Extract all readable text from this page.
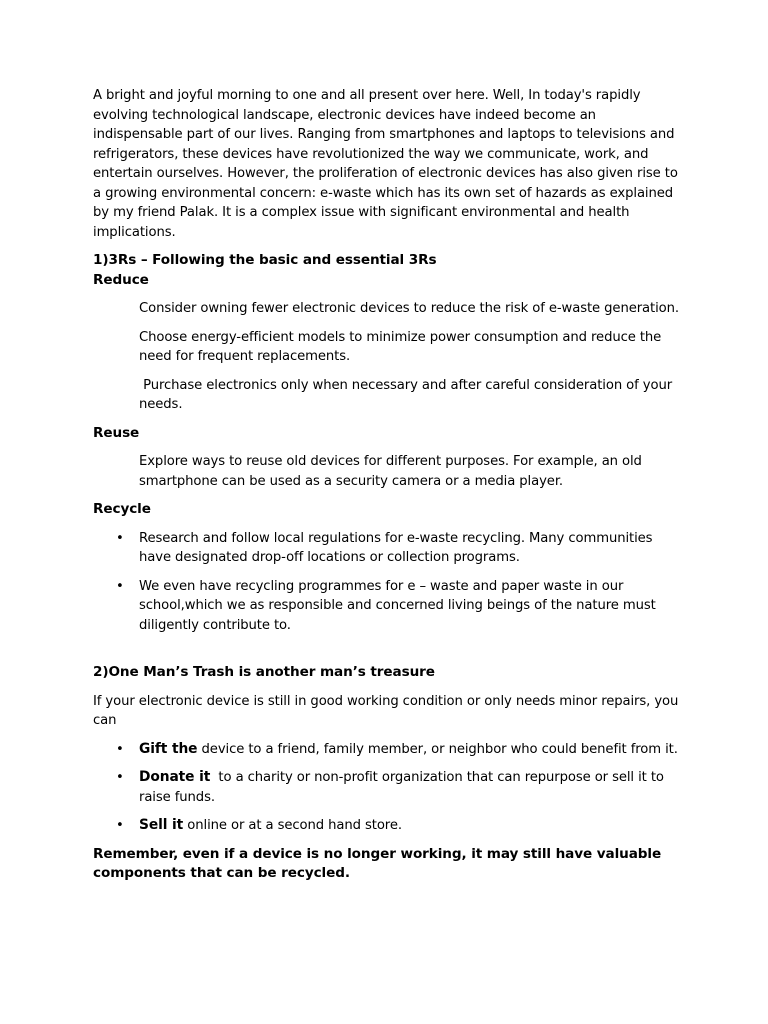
A bright and joyful morning to one and all present over here. Well, In today's rapidly evolving technological landscape, electronic devices have indeed become an indispensable part of our lives. Ranging from smartphones and laptops to televisions and refrigerators, these devices have revolutionized the way we communicate, work, and entertain ourselves. However, the proliferation of electronic devices has also given rise to a growing environmental concern: e-waste which has its own set of hazards as explained by my friend Palak. It is a complex issue with significant environmental and health implications.

1)3Rs – Following the basic and essential 3Rs

Reduce

Consider owning fewer electronic devices to reduce the risk of e-waste generation.

Choose energy-efficient models to minimize power consumption and reduce the need for frequent replacements.

Purchase electronics only when necessary and after careful consideration of your needs.

Reuse

Explore ways to reuse old devices for different purposes. For example, an old smartphone can be used as a security camera or a media player.

Recycle

• Research and follow local regulations for e-waste recycling. Many communities have designated drop-off locations or collection programs.
• We even have recycling programmes for e – waste and paper waste in our school,which we as responsible and concerned living beings of the nature must diligently contribute to.

2)One Man’s Trash is another man’s treasure

If your electronic device is still in good working condition or only needs minor repairs, you can

• Gift the device to a friend, family member, or neighbor who could benefit from it.
• Donate it  to a charity or non-profit organization that can repurpose or sell it to raise funds.
• Sell it online or at a second hand store.

Remember, even if a device is no longer working, it may still have valuable components that can be recycled.
